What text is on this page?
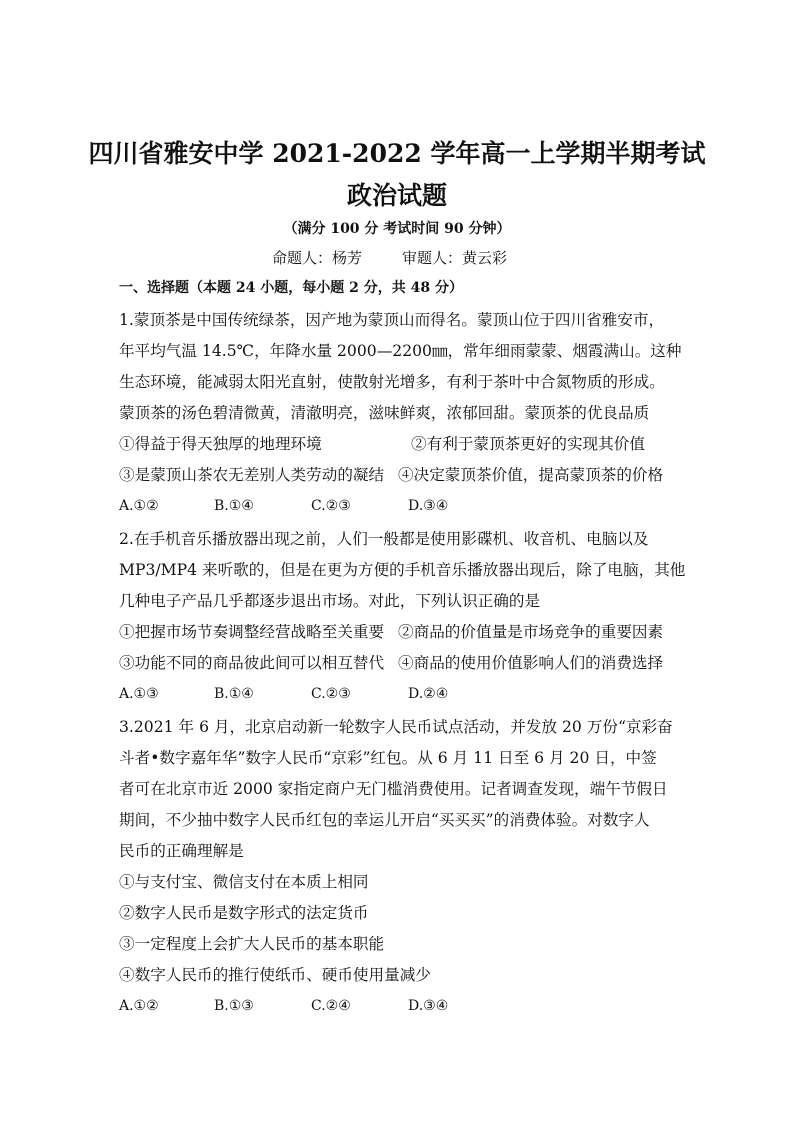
四川省雅安中学 2021-2022 学年高一上学期半期考试
政治试题
（满分 100 分 考试时间 90 分钟）
命题人：杨芳	审题人：黄云彩
一、选择题（本题 24 小题，每小题 2 分，共 48 分）
1.蒙顶茶是中国传统绿茶，因产地为蒙顶山而得名。蒙顶山位于四川省雅安市，
年平均气温 14.5℃，年降水量 2000—2200㎜，常年细雨蒙蒙、烟霞满山。这种
生态环境，能减弱太阳光直射，使散射光增多，有利于茶叶中合氮物质的形成。
蒙顶茶的汤色碧清微黄，清澈明亮，滋味鲜爽，浓郁回甜。蒙顶茶的优良品质
①得益于得天独厚的地理环境	②有利于蒙顶茶更好的实现其价值
③是蒙顶山茶农无差别人类劳动的凝结 ④决定蒙顶茶价值，提高蒙顶茶的价格
A.①②	B.①④	C.②③	D.③④
2.在手机音乐播放器出现之前，人们一般都是使用影碟机、收音机、电脑以及
MP3/MP4 来听歌的，但是在更为方便的手机音乐播放器出现后，除了电脑，其他
几种电子产品几乎都逐步退出市场。对此，下列认识正确的是
①把握市场节奏调整经营战略至关重要 ②商品的价值量是市场竞争的重要因素
③功能不同的商品彼此间可以相互替代 ④商品的使用价值影响人们的消费选择
A.①③	B.①④	C.②③	D.②④
3.2021 年 6 月，北京启动新一轮数字人民币试点活动，并发放 20 万份“京彩奋
斗者•数字嘉年华”数字人民币“京彩”红包。从 6 月 11 日至 6 月 20 日，中签
者可在北京市近 2000 家指定商户无门槛消费使用。记者调查发现，端午节假日
期间，不少抽中数字人民币红包的幸运儿开启“买买买”的消费体验。对数字人
民币的正确理解是
①与支付宝、微信支付在本质上相同
②数字人民币是数字形式的法定货币
③一定程度上会扩大人民币的基本职能
④数字人民币的推行使纸币、硬币使用量减少
A.①②	B.①③	C.②④	D.③④
